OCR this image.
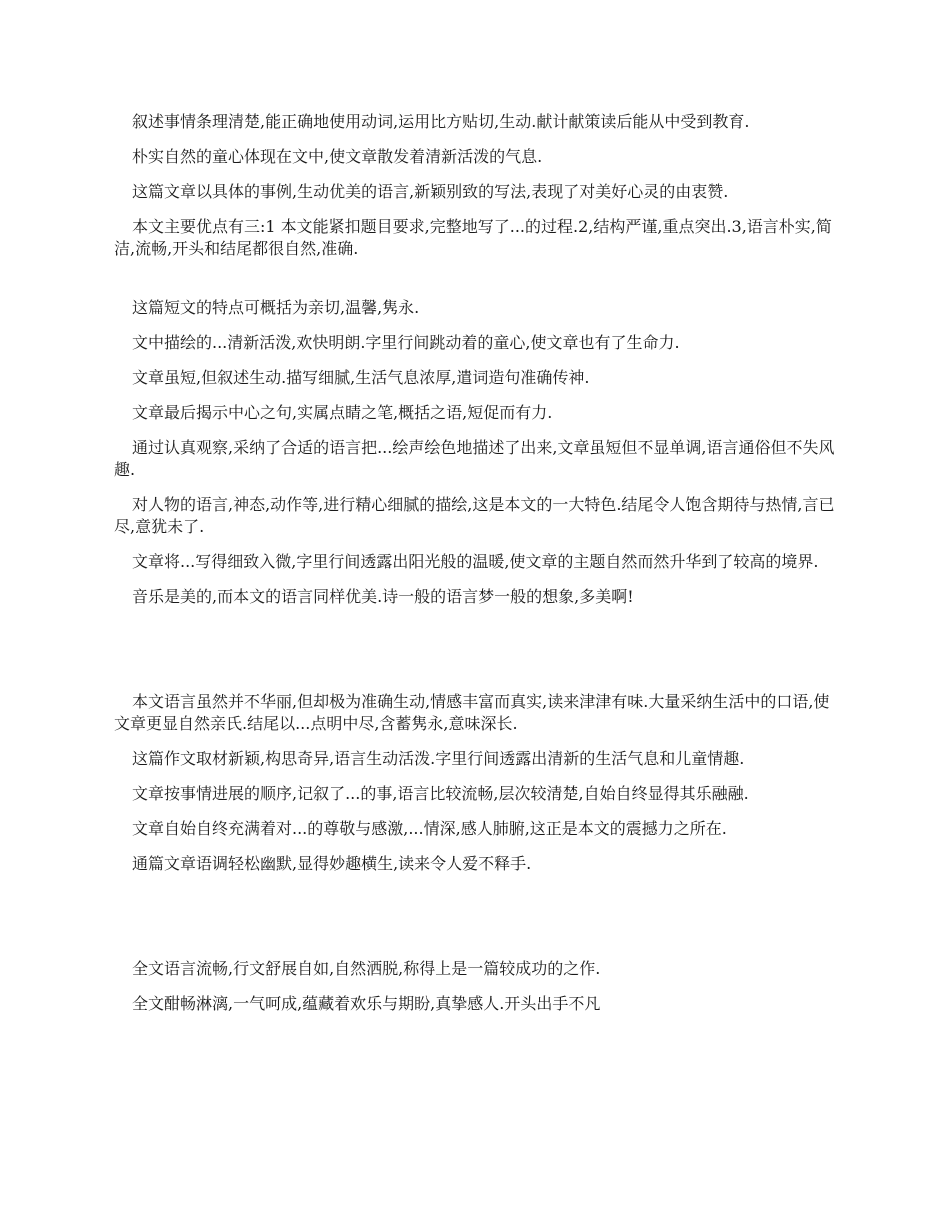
叙述事情条理清楚,能正确地使用动词,运用比方贴切,生动.献计献策读后能从中受到教育.

朴实自然的童心体现在文中,使文章散发着清新活泼的气息.

这篇文章以具体的事例,生动优美的语言,新颖别致的写法,表现了对美好心灵的由衷赞.

本文主要优点有三:1 本文能紧扣题目要求,完整地写了...的过程.2,结构严谨,重点突出.3,语言朴实,简洁,流畅,开头和结尾都很自然,准确.

这篇短文的特点可概括为亲切,温馨,隽永.

文中描绘的...清新活泼,欢快明朗.字里行间跳动着的童心,使文章也有了生命力.

文章虽短,但叙述生动.描写细腻,生活气息浓厚,遣词造句准确传神.

文章最后揭示中心之句,实属点睛之笔,概括之语,短促而有力.

通过认真观察,采纳了合适的语言把...绘声绘色地描述了出来,文章虽短但不显单调,语言通俗但不失风趣.

对人物的语言,神态,动作等,进行精心细腻的描绘,这是本文的一大特色.结尾令人饱含期待与热情,言已尽,意犹未了.

文章将...写得细致入微,字里行间透露出阳光般的温暖,使文章的主题自然而然升华到了较高的境界.

音乐是美的,而本文的语言同样优美.诗一般的语言梦一般的想象,多美啊!

本文语言虽然并不华丽,但却极为准确生动,情感丰富而真实,读来津津有味.大量采纳生活中的口语,使文章更显自然亲氏.结尾以...点明中尽,含蓄隽永,意味深长.

这篇作文取材新颖,构思奇异,语言生动活泼.字里行间透露出清新的生活气息和儿童情趣.

文章按事情进展的顺序,记叙了...的事,语言比较流畅,层次较清楚,自始自终显得其乐融融.

文章自始自终充满着对...的尊敬与感激,...情深,感人肺腑,这正是本文的震撼力之所在.

通篇文章语调轻松幽默,显得妙趣横生,读来令人爱不释手.

全文语言流畅,行文舒展自如,自然洒脱,称得上是一篇较成功的之作.

全文酣畅淋漓,一气呵成,蕴藏着欢乐与期盼,真挚感人.开头出手不凡
